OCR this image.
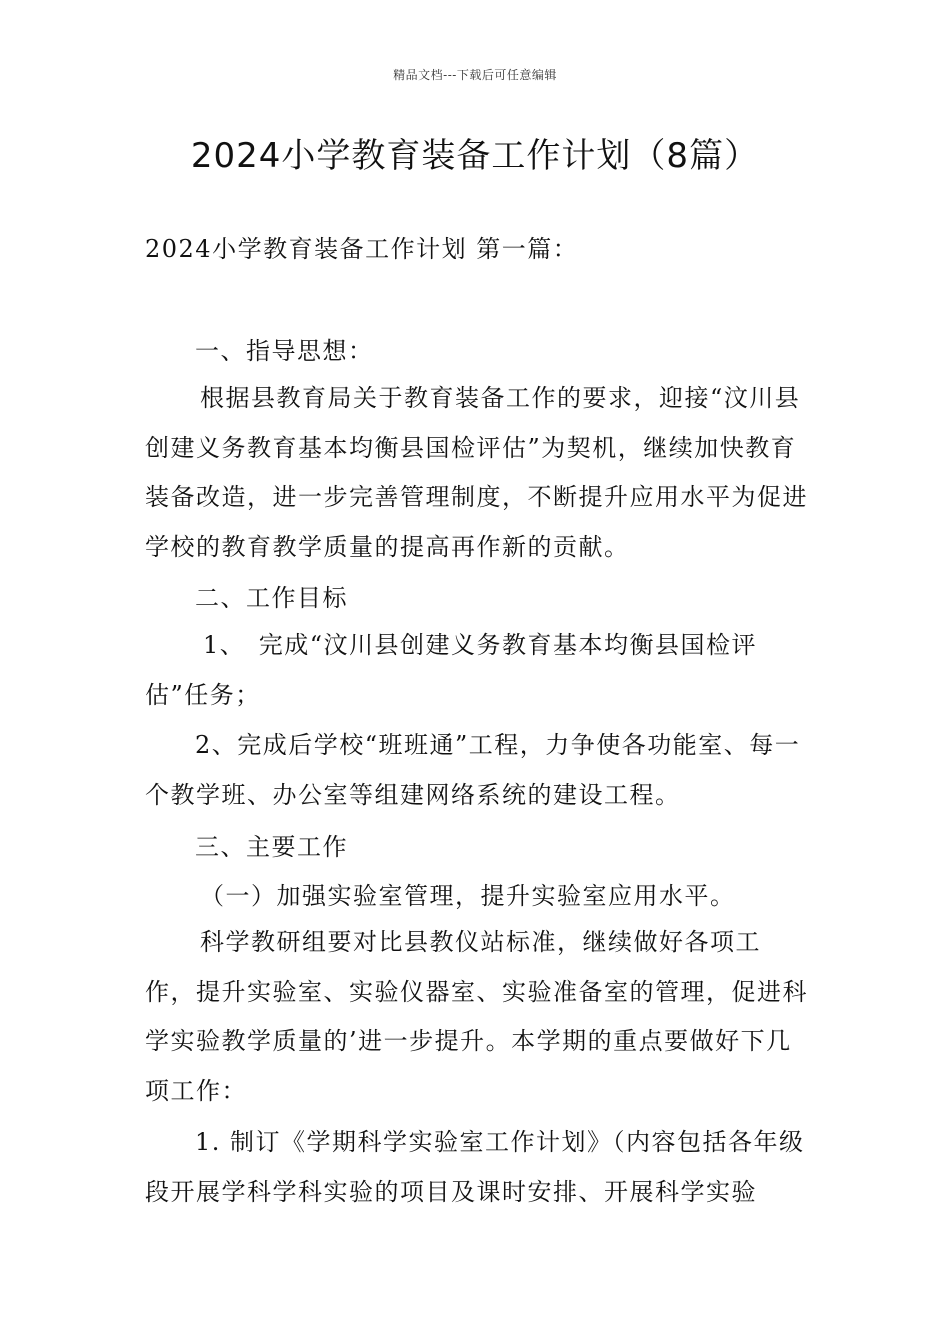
精品文档---下载后可任意编辑
2024小学教育装备工作计划（8篇）
2024小学教育装备工作计划 第一篇：
一、指导思想：

根据县教育局关于教育装备工作的要求，迎接“汶川县创建义务教育基本均衡县国检评估”为契机，继续加快教育装备改造，进一步完善管理制度，不断提升应用水平为促进学校的教育教学质量的提高再作新的贡献。

二、工作目标

1、　完成“汶川县创建义务教育基本均衡县国检评估”任务；

2、完成后学校“班班通”工程，力争使各功能室、每一个教学班、办公室等组建网络系统的建设工程。

三、主要工作
（一）加强实验室管理，提升实验室应用水平。

科学教研组要对比县教仪站标准，继续做好各项工作，提升实验室、实验仪器室、实验准备室的管理，促进科学实验教学质量的’进一步提升。本学期的重点要做好下几项工作：

1. 制订《学期科学实验室工作计划》（内容包括各年级段开展学科学科实验的项目及课时安排、开展科学实验
